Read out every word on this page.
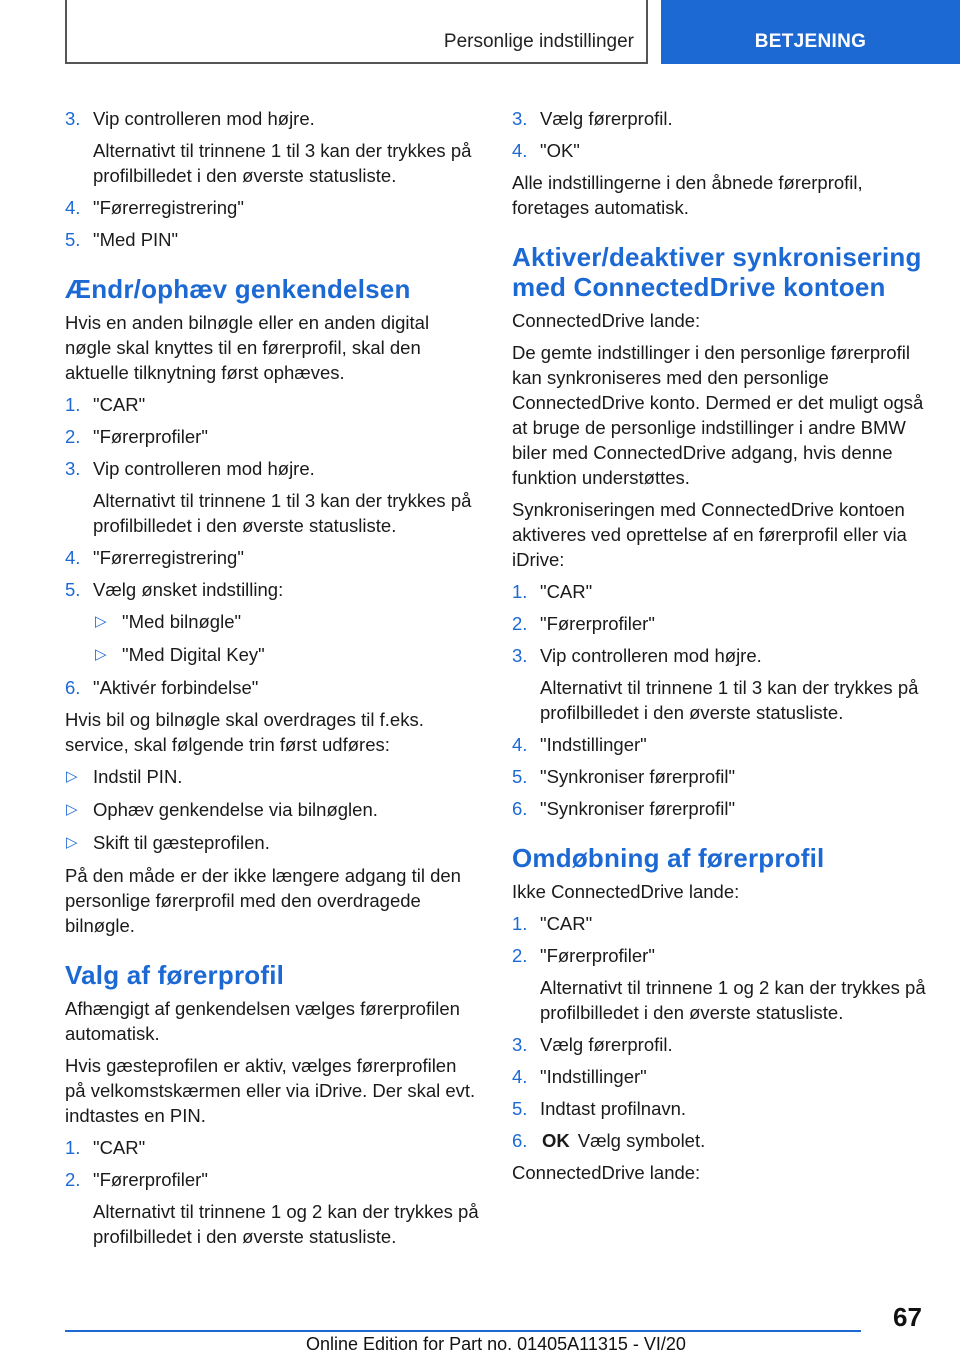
Personlige indstillinger	BETJENING
3. Vip controlleren mod højre.
Alternativt til trinnene 1 til 3 kan der trykkes på profilbilledet i den øverste statusliste.
4. "Førerregistrering"
5. "Med PIN"
Ændr/ophæv genkendelsen

Hvis en anden bilnøgle eller en anden digital nøgle skal knyttes til en førerprofil, skal den aktuelle tilknytning først ophæves.

1. "CAR"
2. "Førerprofiler"
3. Vip controlleren mod højre.
Alternativt til trinnene 1 til 3 kan der trykkes på profilbilledet i den øverste statusliste.
4. "Førerregistrering"
5. Vælg ønsket indstilling:
▷ "Med bilnøgle"
▷ "Med Digital Key"
6. "Aktivér forbindelse"

Hvis bil og bilnøgle skal overdrages til f.eks. service, skal følgende trin først udføres:

▷ Indstil PIN.
▷ Ophæv genkendelse via bilnøglen.
▷ Skift til gæsteprofilen.

På den måde er der ikke længere adgang til den personlige førerprofil med den overdragede bilnøgle.

Valg af førerprofil

Afhængigt af genkendelsen vælges førerprofilen automatisk.

Hvis gæsteprofilen er aktiv, vælges førerprofilen på velkomstskærmen eller via iDrive. Der skal evt. indtastes en PIN.

1. "CAR"
2. "Førerprofiler"
Alternativt til trinnene 1 og 2 kan der trykkes på profilbilledet i den øverste statusliste.
3. Vælg førerprofil.
4. "OK"

Alle indstillingerne i den åbnede førerprofil, foretages automatisk.

Aktiver/deaktiver synkronisering med ConnectedDrive kontoen

ConnectedDrive lande:

De gemte indstillinger i den personlige førerprofil kan synkroniseres med den personlige ConnectedDrive konto. Dermed er det muligt også at bruge de personlige indstillinger i andre BMW biler med ConnectedDrive adgang, hvis denne funktion understøttes.

Synkroniseringen med ConnectedDrive kontoen aktiveres ved oprettelse af en førerprofil eller via iDrive:

1. "CAR"
2. "Førerprofiler"
3. Vip controlleren mod højre.
Alternativt til trinnene 1 til 3 kan der trykkes på profilbilledet i den øverste statusliste.
4. "Indstillinger"
5. "Synkroniser førerprofil"
6. "Synkroniser førerprofil"
Omdøbning af førerprofil

Ikke ConnectedDrive lande:

1. "CAR"
2. "Førerprofiler"
Alternativt til trinnene 1 og 2 kan der trykkes på profilbilledet i den øverste statusliste.
3. Vælg førerprofil.
4. "Indstillinger"
5. Indtast profilnavn.
6. OK Vælg symbolet.

ConnectedDrive lande:

67
Online Edition for Part no. 01405A11315 - VI/20
